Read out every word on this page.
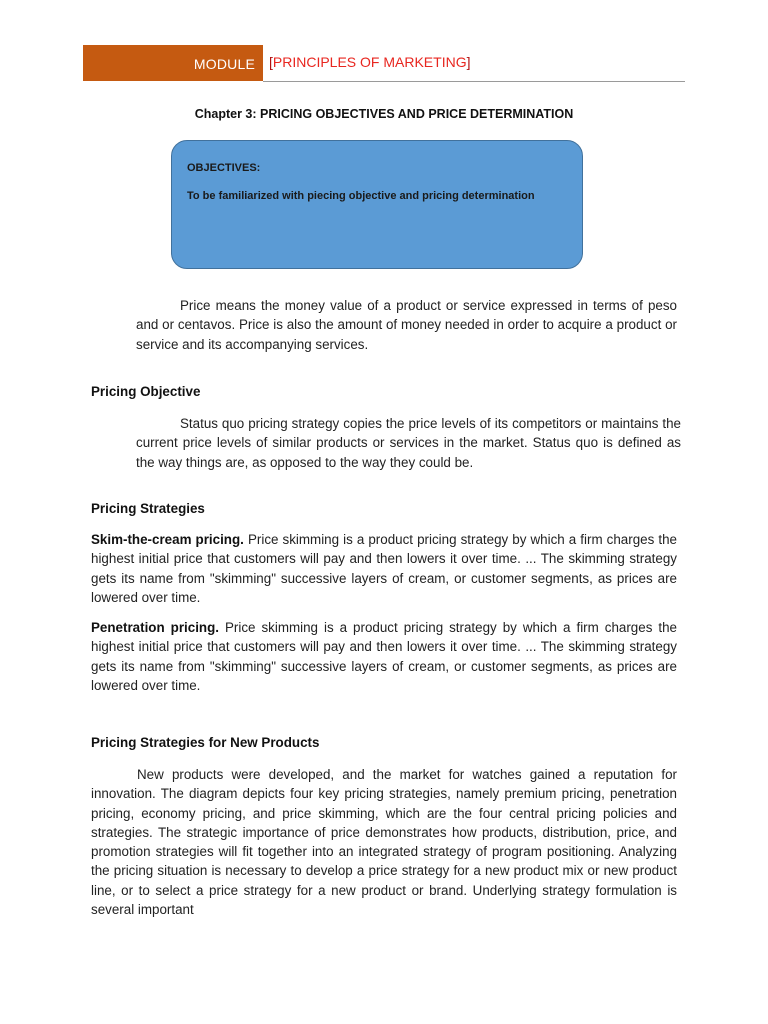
MODULE [PRINCIPLES OF MARKETING]
Chapter 3: PRICING OBJECTIVES AND PRICE DETERMINATION
OBJECTIVES:
To be familiarized with piecing objective and pricing determination
Price means the money value of a product or service expressed in terms of peso and or centavos. Price is also the amount of money needed in order to acquire a product or service and its accompanying services.
Pricing Objective
Status quo pricing strategy copies the price levels of its competitors or maintains the current price levels of similar products or services in the market. Status quo is defined as the way things are, as opposed to the way they could be.
Pricing Strategies
Skim-the-cream pricing. Price skimming is a product pricing strategy by which a firm charges the highest initial price that customers will pay and then lowers it over time. ... The skimming strategy gets its name from "skimming" successive layers of cream, or customer segments, as prices are lowered over time.
Penetration pricing. Price skimming is a product pricing strategy by which a firm charges the highest initial price that customers will pay and then lowers it over time. ... The skimming strategy gets its name from "skimming" successive layers of cream, or customer segments, as prices are lowered over time.
Pricing Strategies for New Products
New products were developed, and the market for watches gained a reputation for innovation. The diagram depicts four key pricing strategies, namely premium pricing, penetration pricing, economy pricing, and price skimming, which are the four central pricing policies and strategies. The strategic importance of price demonstrates how products, distribution, price, and promotion strategies will fit together into an integrated strategy of program positioning. Analyzing the pricing situation is necessary to develop a price strategy for a new product mix or new product line, or to select a price strategy for a new product or brand. Underlying strategy formulation is several important
